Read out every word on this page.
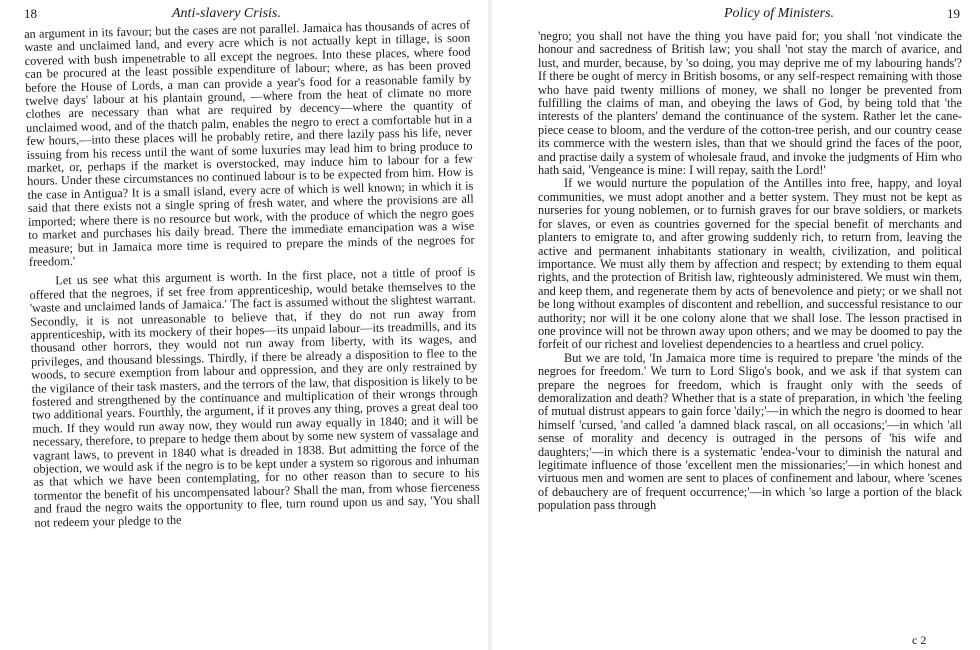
18	Anti-slavery Crisis.

an argument in its favour; but the cases are not parallel. Jamaica has thousands of acres of waste and unclaimed land, and every acre which is not actually kept in tillage, is soon covered with bush impenetrable to all except the negroes. Into these places, where food can be procured at the least possible expenditure of labour; where, as has been proved before the House of Lords, a man can provide a year's food for a reasonable family by twelve days' labour at his plantain ground, —where from the heat of climate no more clothes are necessary than what are required by decency—where the quantity of unclaimed wood, and of the thatch palm, enables the negro to erect a comfortable hut in a few hours,—into these places will he probably retire, and there lazily pass his life, never issuing from his recess until the want of some luxuries may lead him to bring produce to market, or, perhaps if the market is overstocked, may induce him to labour for a few hours. Under these circumstances no continued labour is to be expected from him. How is the case in Antigua? It is a small island, every acre of which is well known; in which it is said that there exists not a single spring of fresh water, and where the provisions are all imported; where there is no resource but work, with the produce of which the negro goes to market and purchases his daily bread. There the immediate emancipation was a wise measure; but in Jamaica more time is required to prepare the minds of the negroes for freedom.'

Let us see what this argument is worth. In the first place, not a tittle of proof is offered that the negroes, if set free from apprenticeship, would betake themselves to the 'waste and unclaimed lands of Jamaica.' The fact is assumed without the slightest warrant. Secondly, it is not unreasonable to believe that, if they do not run away from apprenticeship, with its mockery of their hopes—its unpaid labour—its treadmills, and its thousand other horrors, they would not run away from liberty, with its wages, and privileges, and thousand blessings. Thirdly, if there be already a disposition to flee to the woods, to secure exemption from labour and oppression, and they are only restrained by the vigilance of their task masters, and the terrors of the law, that disposition is likely to be fostered and strengthened by the continuance and multiplication of their wrongs through two additional years. Fourthly, the argument, if it proves any thing, proves a great deal too much. If they would run away now, they would run away equally in 1840; and it will be necessary, therefore, to prepare to hedge them about by some new system of vassalage and vagrant laws, to prevent in 1840 what is dreaded in 1838. But admitting the force of the objection, we would ask if the negro is to be kept under a system so rigorous and inhuman as that which we have been contemplating, for no other reason than to secure to his tormentor the benefit of his uncompensated labour? Shall the man, from whose fierceness and fraud the negro waits the opportunity to flee, turn round upon us and say, 'You shall not redeem your pledge to the

Policy of Ministers.	19

'negro; you shall not have the thing you have paid for; you shall 'not vindicate the honour and sacredness of British law; you shall 'not stay the march of avarice, and lust, and murder, because, by 'so doing, you may deprive me of my labouring hands'? If there be ought of mercy in British bosoms, or any self-respect remaining with those who have paid twenty millions of money, we shall no longer be prevented from fulfilling the claims of man, and obeying the laws of God, by being told that 'the interests of the planters' demand the continuance of the system. Rather let the cane-piece cease to bloom, and the verdure of the cotton-tree perish, and our country cease its commerce with the western isles, than that we should grind the faces of the poor, and practise daily a system of wholesale fraud, and invoke the judgments of Him who hath said, 'Vengeance is mine: I will repay, saith the Lord!'

If we would nurture the population of the Antilles into free, happy, and loyal communities, we must adopt another and a better system. They must not be kept as nurseries for young noblemen, or to furnish graves for our brave soldiers, or markets for slaves, or even as countries governed for the special benefit of merchants and planters to emigrate to, and after growing suddenly rich, to return from, leaving the active and permanent inhabitants stationary in wealth, civilization, and political importance. We must ally them by affection and respect; by extending to them equal rights, and the protection of British law, righteously administered. We must win them, and keep them, and regenerate them by acts of benevolence and piety; or we shall not be long without examples of discontent and rebellion, and successful resistance to our authority; nor will it be one colony alone that we shall lose. The lesson practised in one province will not be thrown away upon others; and we may be doomed to pay the forfeit of our richest and loveliest dependencies to a heartless and cruel policy.

But we are told, 'In Jamaica more time is required to prepare 'the minds of the negroes for freedom.' We turn to Lord Sligo's book, and we ask if that system can prepare the negroes for freedom, which is fraught only with the seeds of demoralization and death? Whether that is a state of preparation, in which 'the feeling of mutual distrust appears to gain force 'daily;'—in which the negro is doomed to hear himself 'cursed, 'and called 'a damned black rascal, on all occasions;'—in which 'all sense of morality and decency is outraged in the persons of 'his wife and daughters;'—in which there is a systematic 'endea-'vour to diminish the natural and legitimate influence of those 'excellent men the missionaries;'—in which honest and virtuous men and women are sent to places of confinement and labour, where 'scenes of debauchery are of frequent occurrence;'—in which 'so large a portion of the black population pass through

c 2
